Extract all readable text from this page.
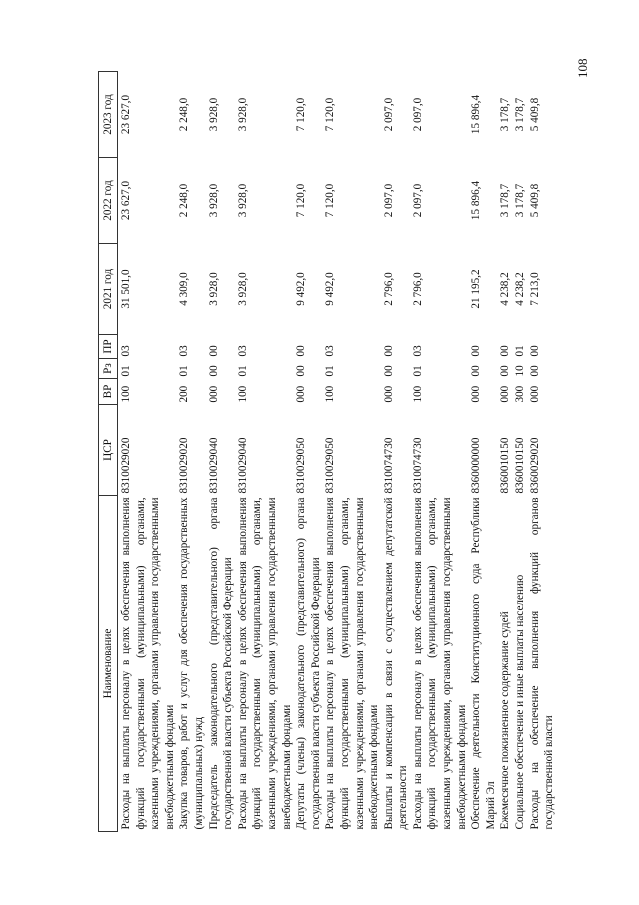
108
Наименование	ЦСР	ВР	Рз	ПР	2021 год	2022 год	2023 год
Расходы на выплаты персоналу в целях обеспечения выполнения функций государственными (муниципальными) органами, казенными учреждениями, органами управления государственными внебюджетными фондами	8310029020	100	01	03	31 501,0	23 627,0	23 627,0
Закупка товаров, работ и услуг для обеспечения государственных (муниципальных) нужд	8310029020	200	01	03	4 309,0	2 248,0	2 248,0
Председатель законодательного (представительного) органа государственной власти субъекта Российской Федерации	8310029040	000	00	00	3 928,0	3 928,0	3 928,0
Расходы на выплаты персоналу в целях обеспечения выполнения функций государственными (муниципальными) органами, казенными учреждениями, органами управления государственными внебюджетными фондами	8310029040	100	01	03	3 928,0	3 928,0	3 928,0
Депутаты (члены) законодательного (представительного) органа государственной власти субъекта Российской Федерации	8310029050	000	00	00	9 492,0	7 120,0	7 120,0
Расходы на выплаты персоналу в целях обеспечения выполнения функций государственными (муниципальными) органами, казенными учреждениями, органами управления государственными внебюджетными фондами	8310029050	100	01	03	9 492,0	7 120,0	7 120,0
Выплаты и компенсации в связи с осуществлением депутатской деятельности	8310074730	000	00	00	2 796,0	2 097,0	2 097,0
Расходы на выплаты персоналу в целях обеспечения выполнения функций государственными (муниципальными) органами, казенными учреждениями, органами управления государственными внебюджетными фондами	8310074730	100	01	03	2 796,0	2 097,0	2 097,0
Обеспечение деятельности Конституционного суда Республики Марий Эл	8360000000	000	00	00	21 195,2	15 896,4	15 896,4
Ежемесячное пожизненное содержание судей	8360010150	000	00	00	4 238,2	3 178,7	3 178,7
Социальное обеспечение и иные выплаты населению	8360010150	300	10	01	4 238,2	3 178,7	3 178,7
Расходы на обеспечение выполнения функций органов государственной власти	8360029020	000	00	00	7 213,0	5 409,8	5 409,8
